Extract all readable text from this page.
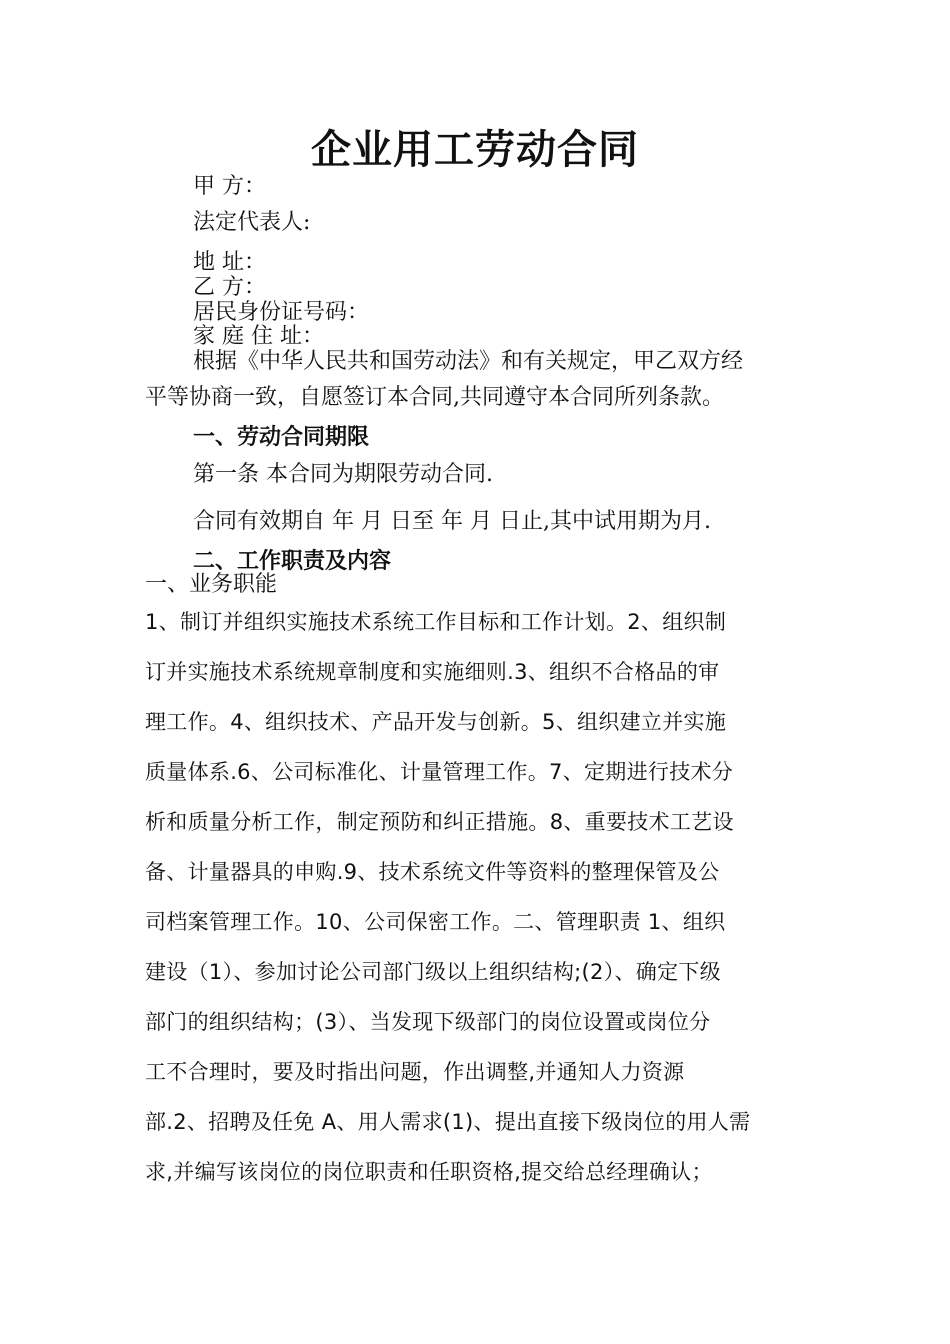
企业用工劳动合同
甲 方：
法定代表人:
地 址：
乙 方：
居民身份证号码：
家 庭 住 址：
根据《中华人民共和国劳动法》和有关规定，甲乙双方经
平等协商一致，自愿签订本合同,共同遵守本合同所列条款。
一、劳动合同期限
第一条 本合同为期限劳动合同.
合同有效期自 年 月 日至 年 月 日止,其中试用期为月.
二、工作职责及内容
一、业务职能
1、制订并组织实施技术系统工作目标和工作计划。2、组织制
订并实施技术系统规章制度和实施细则.3、组织不合格品的审
理工作。4、组织技术、产品开发与创新。5、组织建立并实施
质量体系.6、公司标准化、计量管理工作。7、定期进行技术分
析和质量分析工作，制定预防和纠正措施。8、重要技术工艺设
备、计量器具的申购.9、技术系统文件等资料的整理保管及公
司档案管理工作。10、公司保密工作。二、管理职责 1、组织
建设（1）、参加讨论公司部门级以上组织结构;(2）、确定下级
部门的组织结构；(3）、当发现下级部门的岗位设置或岗位分
工不合理时，要及时指出问题，作出调整,并通知人力资源
部.2、招聘及任免 A、用人需求(1)、提出直接下级岗位的用人需
求,并编写该岗位的岗位职责和任职资格,提交给总经理确认；
